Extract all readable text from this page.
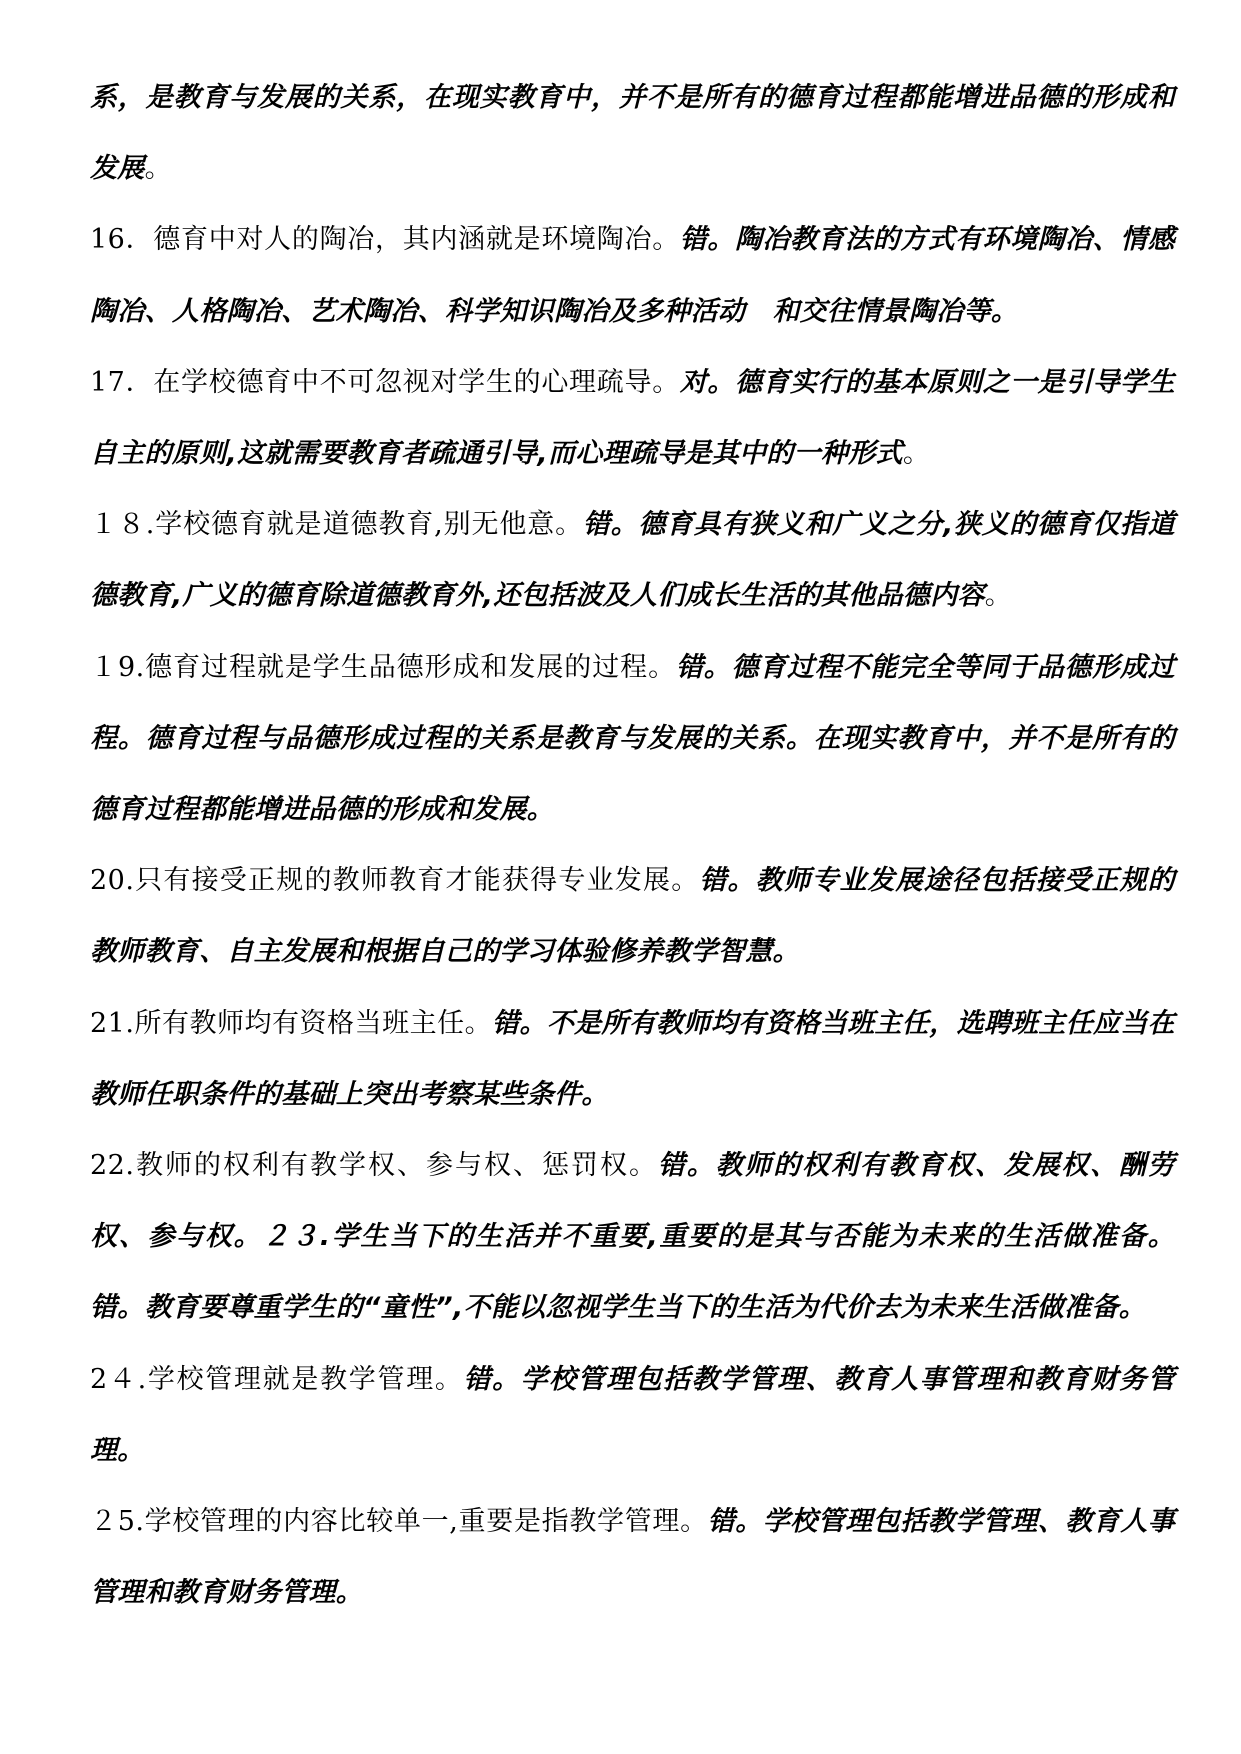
系，是教育与发展的关系，在现实教育中，并不是所有的德育过程都能增进品德的形成和发展。

16．德育中对人的陶冶，其内涵就是环境陶冶。错。陶冶教育法的方式有环境陶冶、情感陶冶、人格陶冶、艺术陶冶、科学知识陶冶及多种活动　和交往情景陶冶等。

17．在学校德育中不可忽视对学生的心理疏导。对。德育实行的基本原则之一是引导学生自主的原则,这就需要教育者疏通引导,而心理疏导是其中的一种形式。

１８.学校德育就是道德教育,别无他意。错。德育具有狭义和广义之分,狭义的德育仅指道德教育,广义的德育除道德教育外,还包括波及人们成长生活的其他品德内容。

１9.德育过程就是学生品德形成和发展的过程。错。德育过程不能完全等同于品德形成过程。德育过程与品德形成过程的关系是教育与发展的关系。在现实教育中，并不是所有的德育过程都能增进品德的形成和发展。

20.只有接受正规的教师教育才能获得专业发展。错。教师专业发展途径包括接受正规的教师教育、自主发展和根据自己的学习体验修养教学智慧。

21.所有教师均有资格当班主任。错。不是所有教师均有资格当班主任，选聘班主任应当在教师任职条件的基础上突出考察某些条件。

22.教师的权利有教学权、参与权、惩罚权。错。教师的权利有教育权、发展权、酬劳权、参与权。２３.学生当下的生活并不重要,重要的是其与否能为未来的生活做准备。错。教育要尊重学生的“童性”,不能以忽视学生当下的生活为代价去为未来生活做准备。

2４.学校管理就是教学管理。错。学校管理包括教学管理、教育人事管理和教育财务管理。

２5.学校管理的内容比较单一,重要是指教学管理。错。学校管理包括教学管理、教育人事管理和教育财务管理。
